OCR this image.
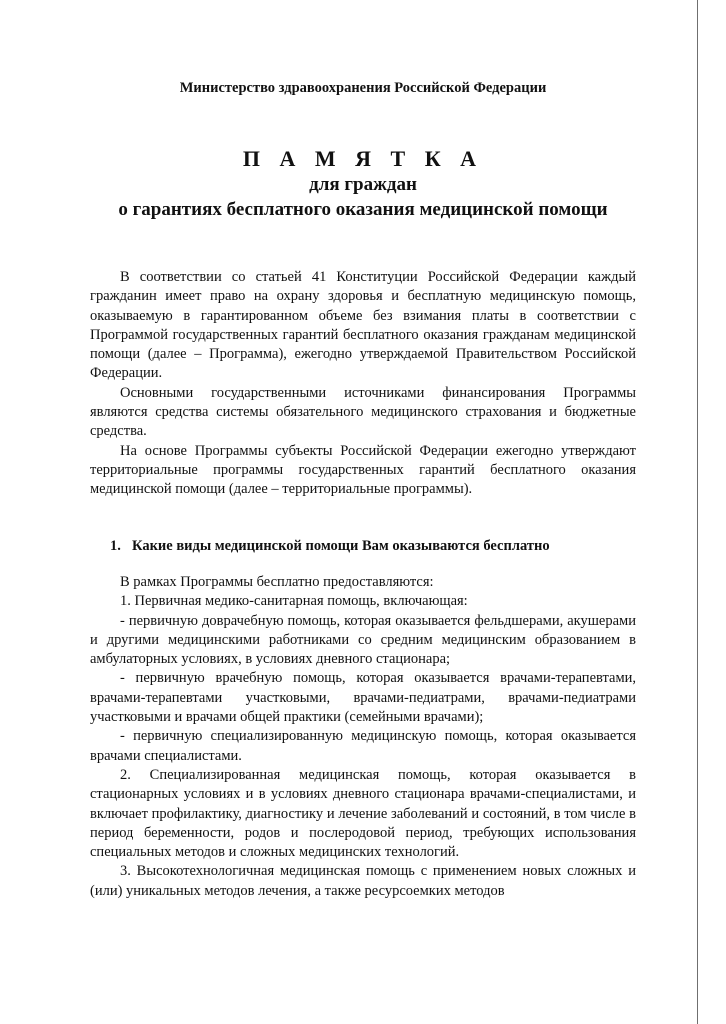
Министерство здравоохранения Российской Федерации
П А М Я Т К А
для граждан
о гарантиях бесплатного оказания медицинской помощи

В соответствии со статьей 41 Конституции Российской Федерации каждый гражданин имеет право на охрану здоровья и бесплатную медицинскую помощь, оказываемую в гарантированном объеме без взимания платы в соответствии с Программой государственных гарантий бесплатного оказания гражданам медицинской помощи (далее – Программа), ежегодно утверждаемой Правительством Российской Федерации.

Основными государственными источниками финансирования Программы являются средства системы обязательного медицинского страхования и бюджетные средства.

На основе Программы субъекты Российской Федерации ежегодно утверждают территориальные программы государственных гарантий бесплатного оказания медицинской помощи (далее – территориальные программы).

1. Какие виды медицинской помощи Вам оказываются бесплатно

В рамках Программы бесплатно предоставляются:

1. Первичная медико-санитарная помощь, включающая:

- первичную доврачебную помощь, которая оказывается фельдшерами, акушерами и другими медицинскими работниками со средним медицинским образованием в амбулаторных условиях, в условиях дневного стационара;

- первичную врачебную помощь, которая оказывается врачами-терапевтами, врачами-терапевтами участковыми, врачами-педиатрами, врачами-педиатрами участковыми и врачами общей практики (семейными врачами);

- первичную специализированную медицинскую помощь, которая оказывается врачами специалистами.

2. Специализированная медицинская помощь, которая оказывается в стационарных условиях и в условиях дневного стационара врачами-специалистами, и включает профилактику, диагностику и лечение заболеваний и состояний, в том числе в период беременности, родов и послеродовой период, требующих использования специальных методов и сложных медицинских технологий.

3. Высокотехнологичная медицинская помощь с применением новых сложных и (или) уникальных методов лечения, а также ресурсоемких методов
